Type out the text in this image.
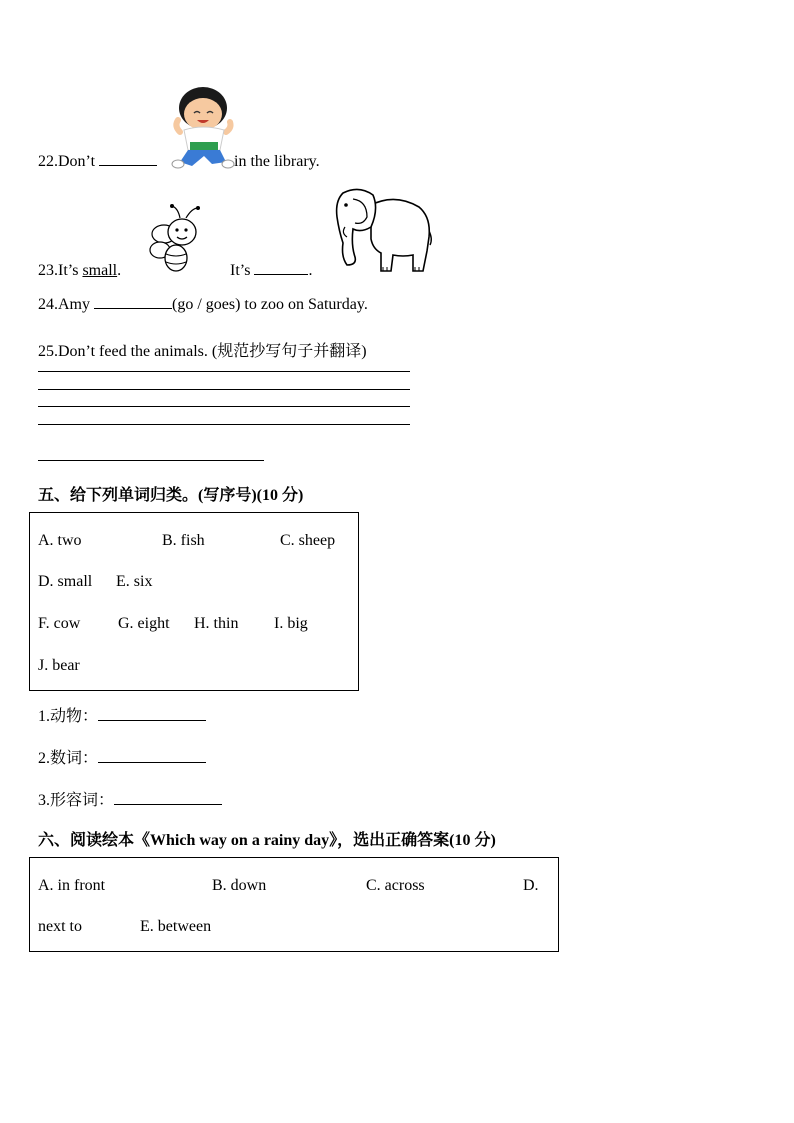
22.Don’t	in the library.
23.It’s small.	It’s	.
24.Amy	(go / goes) to zoo on Saturday.
25.Don’t feed the animals. (规范抄写句子并翻译)
五、给下列单词归类。(写序号)(10 分)
A. two	B. fish	C. sheep
D. small E. six
F. cow G. eight H. thin I. big
J. bear
1.动物：
2.数词：
3.形容词：
六、阅读绘本《Which way on a rainy day》，选出正确答案(10 分)
A. in front	B. down	C. across	D.
next to	E. between
